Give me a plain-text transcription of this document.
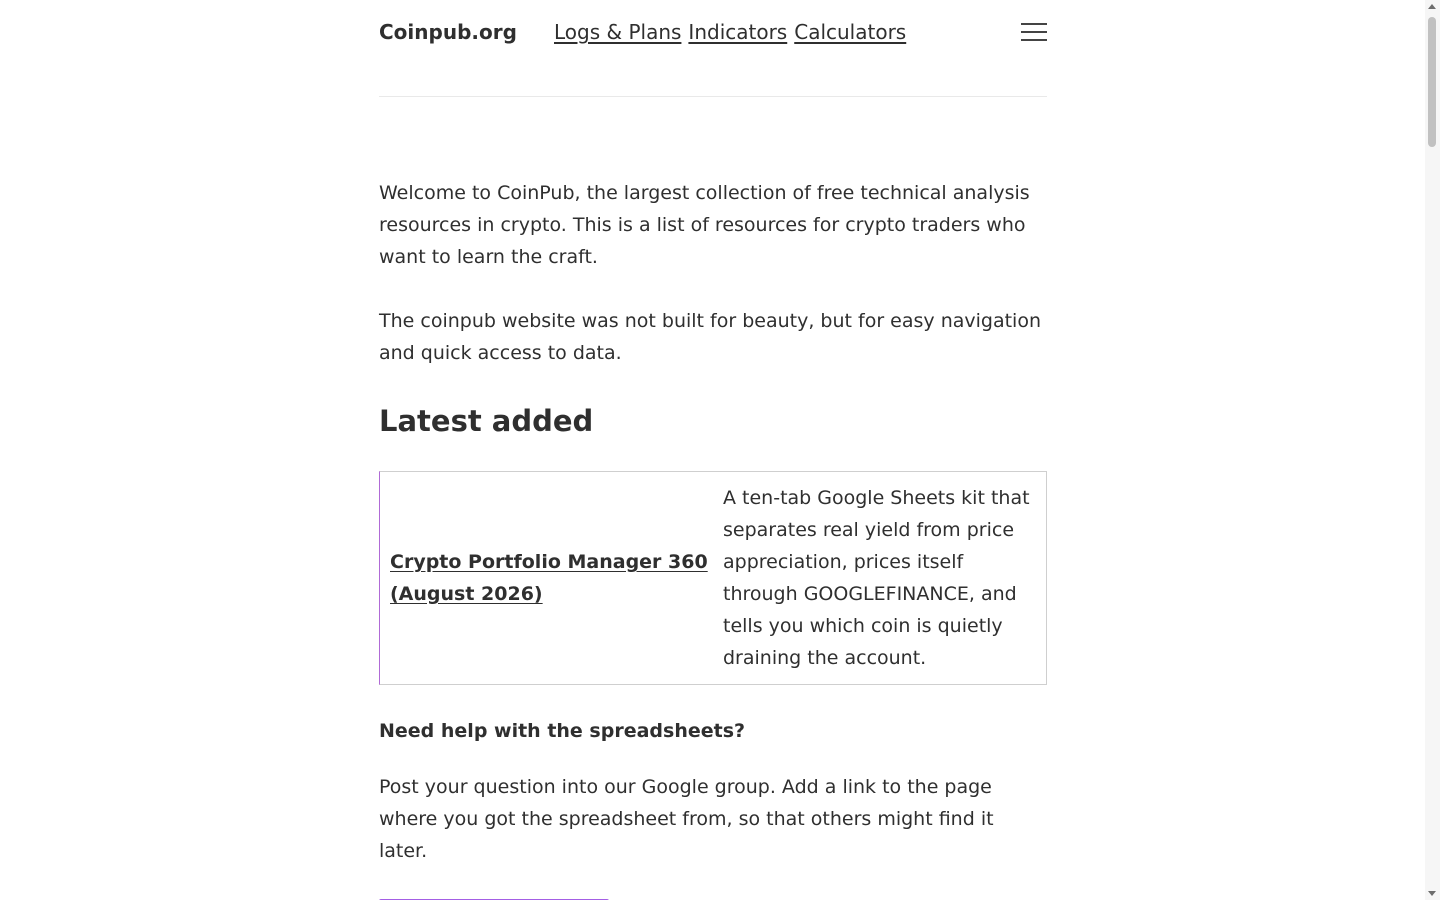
Coinpub.org Logs & Plans Indicators Calculators

Welcome to CoinPub, the largest collection of free technical analysis resources in crypto. This is a list of resources for crypto traders who want to learn the craft.

The coinpub website was not built for beauty, but for easy navigation and quick access to data.

Latest added
Crypto Portfolio Manager 360 (August 2026)
A ten-tab Google Sheets kit that separates real yield from price appreciation, prices itself through GOOGLEFINANCE, and tells you which coin is quietly draining the account.
Need help with the spreadsheets?

Post your question into our Google group. Add a link to the page where you got the spreadsheet from, so that others might find it later.
